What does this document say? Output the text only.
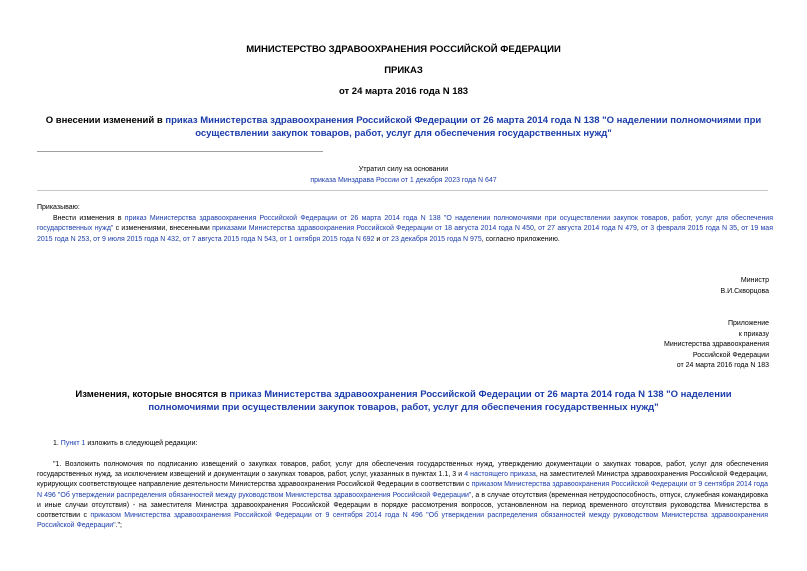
МИНИСТЕРСТВО ЗДРАВООХРАНЕНИЯ РОССИЙСКОЙ ФЕДЕРАЦИИ
ПРИКАЗ
от 24 марта 2016 года N 183
О внесении изменений в приказ Министерства здравоохранения Российской Федерации от 26 марта 2014 года N 138 "О наделении полномочиями при осуществлении закупок товаров, работ, услуг для обеспечения государственных нужд"
Утратил силу на основании
приказа Минздрава России от 1 декабря 2023 года N 647

Приказываю:

Внести изменения в приказ Министерства здравоохранения Российской Федерации от 26 марта 2014 года N 138 "О наделении полномочиями при осуществлении закупок товаров, работ, услуг для обеспечения государственных нужд" с изменениями, внесенными приказами Министерства здравоохранения Российской Федерации от 18 августа 2014 года N 450, от 27 августа 2014 года N 479, от 3 февраля 2015 года N 35, от 19 мая 2015 года N 253, от 9 июля 2015 года N 432, от 7 августа 2015 года N 543, от 1 октября 2015 года N 692 и от 23 декабря 2015 года N 975, согласно приложению.

Министр
В.И.Скворцова
Приложение
к приказу
Министерства здравоохранения
Российской Федерации
от 24 марта 2016 года N 183
Изменения, которые вносятся в приказ Министерства здравоохранения Российской Федерации от 26 марта 2014 года N 138 "О наделении полномочиями при осуществлении закупок товаров, работ, услуг для обеспечения государственных нужд"
1. Пункт 1 изложить в следующей редакции:
"1. Возложить полномочия по подписанию извещений о закупках товаров, работ, услуг для обеспечения государственных нужд, утверждению документации о закупках товаров, работ, услуг для обеспечения государственных нужд, за исключением извещений и документации о закупках товаров, работ, услуг, указанных в пунктах 1.1, 3 и 4 настоящего приказа, на заместителей Министра здравоохранения Российской Федерации, курирующих соответствующее направление деятельности Министерства здравоохранения Российской Федерации в соответствии с приказом Министерства здравоохранения Российской Федерации от 9 сентября 2014 года N 496 "Об утверждении распределения обязанностей между руководством Министерства здравоохранения Российской Федерации", а в случае отсутствия (временная нетрудоспособность, отпуск, служебная командировка и иные случаи отсутствия) - на заместителя Министра здравоохранения Российской Федерации в порядке рассмотрения вопросов, установленном на период временного отсутствия руководства Министерства в соответствии с приказом Министерства здравоохранения Российской Федерации от 9 сентября 2014 года N 496 "Об утверждении распределения обязанностей между руководством Министерства здравоохранения Российской Федерации".";
